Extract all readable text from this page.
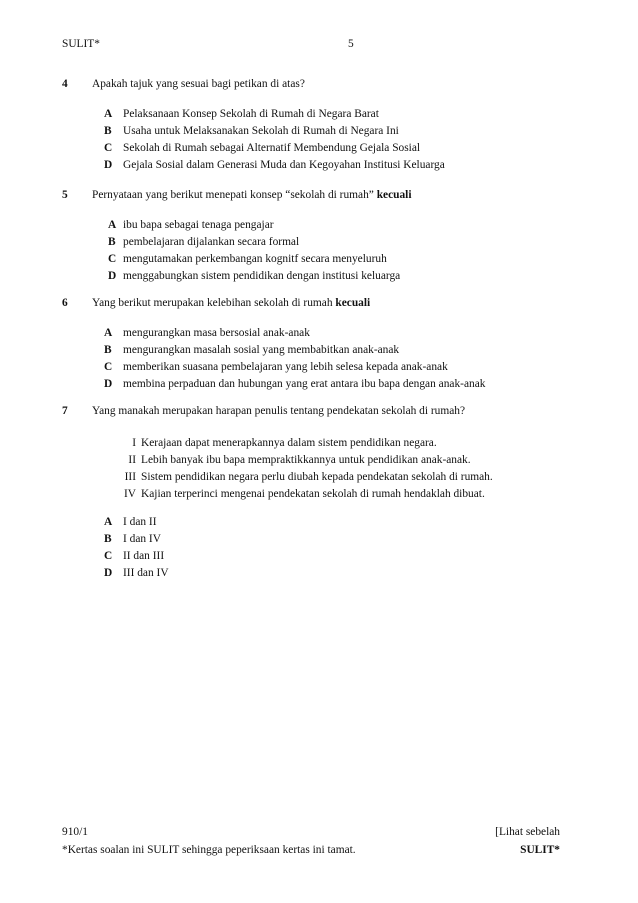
SULIT*	5
4 Apakah tajuk yang sesuai bagi petikan di atas?
A Pelaksanaan Konsep Sekolah di Rumah di Negara Barat
B Usaha untuk Melaksanakan Sekolah di Rumah di Negara Ini
C Sekolah di Rumah sebagai Alternatif Membendung Gejala Sosial
D Gejala Sosial dalam Generasi Muda dan Kegoyahan Institusi Keluarga
5 Pernyataan yang berikut menepati konsep “sekolah di rumah” kecuali
A ibu bapa sebagai tenaga pengajar
B pembelajaran dijalankan secara formal
C mengutamakan perkembangan kognitf secara menyeluruh
D menggabungkan sistem pendidikan dengan institusi keluarga
6 Yang berikut merupakan kelebihan sekolah di rumah kecuali
A mengurangkan masa bersosial anak-anak
B mengurangkan masalah sosial yang membabitkan anak-anak
C memberikan suasana pembelajaran yang lebih selesa kepada anak-anak
D membina perpaduan dan hubungan yang erat antara ibu bapa dengan anak-anak
7 Yang manakah merupakan harapan penulis tentang pendekatan sekolah di rumah?
I Kerajaan dapat menerapkannya dalam sistem pendidikan negara.
II Lebih banyak ibu bapa mempraktikkannya untuk pendidikan anak-anak.
III Sistem pendidikan negara perlu diubah kepada pendekatan sekolah di rumah.
IV Kajian terperinci mengenai pendekatan sekolah di rumah hendaklah dibuat.
A I dan II
B I dan IV
C II dan III
D III dan IV
910/1
*Kertas soalan ini SULIT sehingga peperiksaan kertas ini tamat.
[Lihat sebelah
SULIT*
